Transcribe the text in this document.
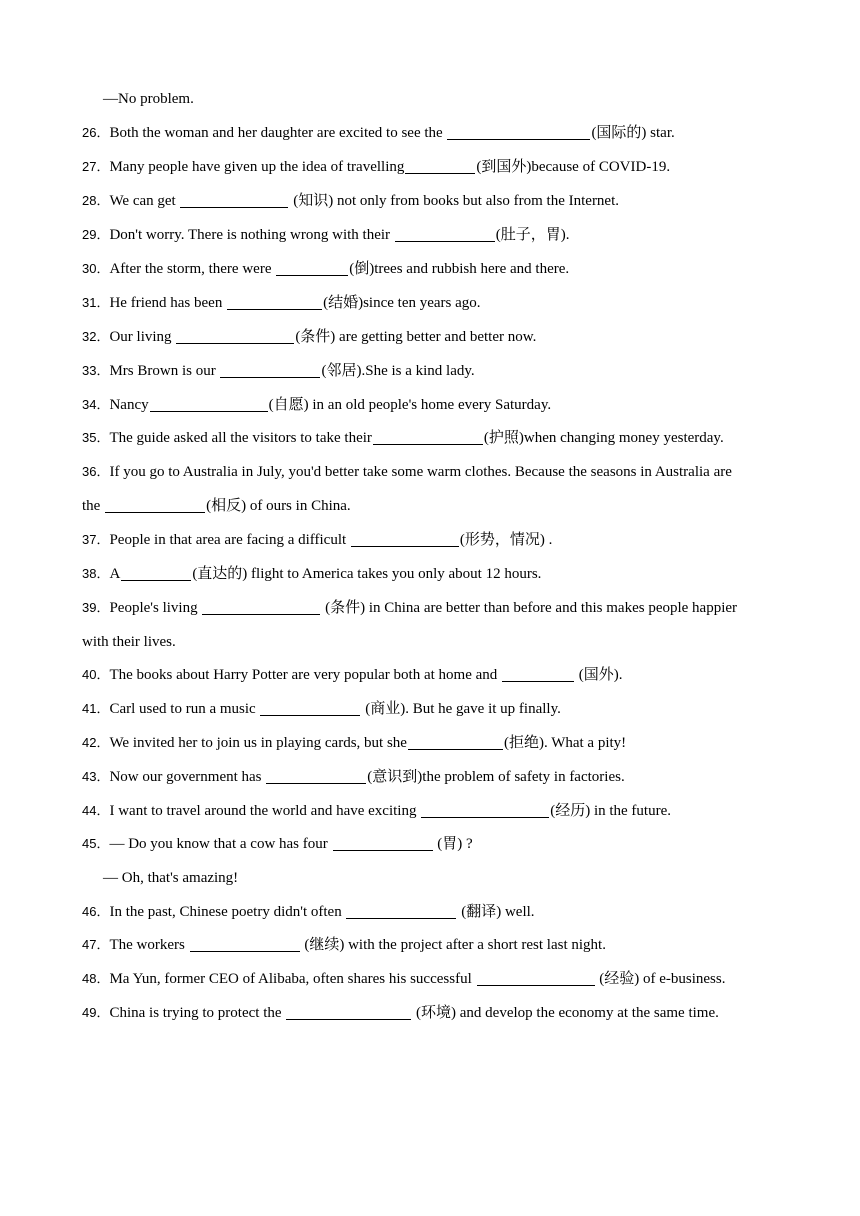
—No problem.
26．Both the woman and her daughter are excited to see the	(国际的) star.
27．Many people have given up the idea of travelling	(到国外)because of COVID-19.
28．We can get	(知识) not only from books but also from the Internet.
29．Don't worry. There is nothing wrong with their	(肚子，胃).
30．After the storm, there were	(倒)trees and rubbish here and there.
31．He friend has been	(结婚)since ten years ago.
32．Our living	(条件) are getting better and better now.
33．Mrs Brown is our	(邻居).She is a kind lady.
34．Nancy	(自愿) in an old people's home every Saturday.
35．The guide asked all the visitors to take their	(护照)when changing money yesterday.
36．If you go to Australia in July, you'd better take some warm clothes. Because the seasons in Australia are
the	(相反) of ours in China.
37．People in that area are facing a difficult	(形势，情况) .
38．A	(直达的) flight to America takes you only about 12 hours.
39．People's living	(条件) in China are better than before and this makes people happier
with their lives.
40．The books about Harry Potter are very popular both at home and	(国外).
41．Carl used to run a music	(商业). But he gave it up finally.
42．We invited her to join us in playing cards, but she	(拒绝). What a pity!
43．Now our government has	(意识到)the problem of safety in factories.
44．I want to travel around the world and have exciting	(经历) in the future.
45．— Do you know that a cow has four	(胃) ?
— Oh, that's amazing!
46．In the past, Chinese poetry didn't often	(翻译) well.
47．The workers	(继续) with the project after a short rest last night.
48．Ma Yun, former CEO of Alibaba, often shares his successful	(经验) of e-business.
49．China is trying to protect the	(环境) and develop the economy at the same time.
